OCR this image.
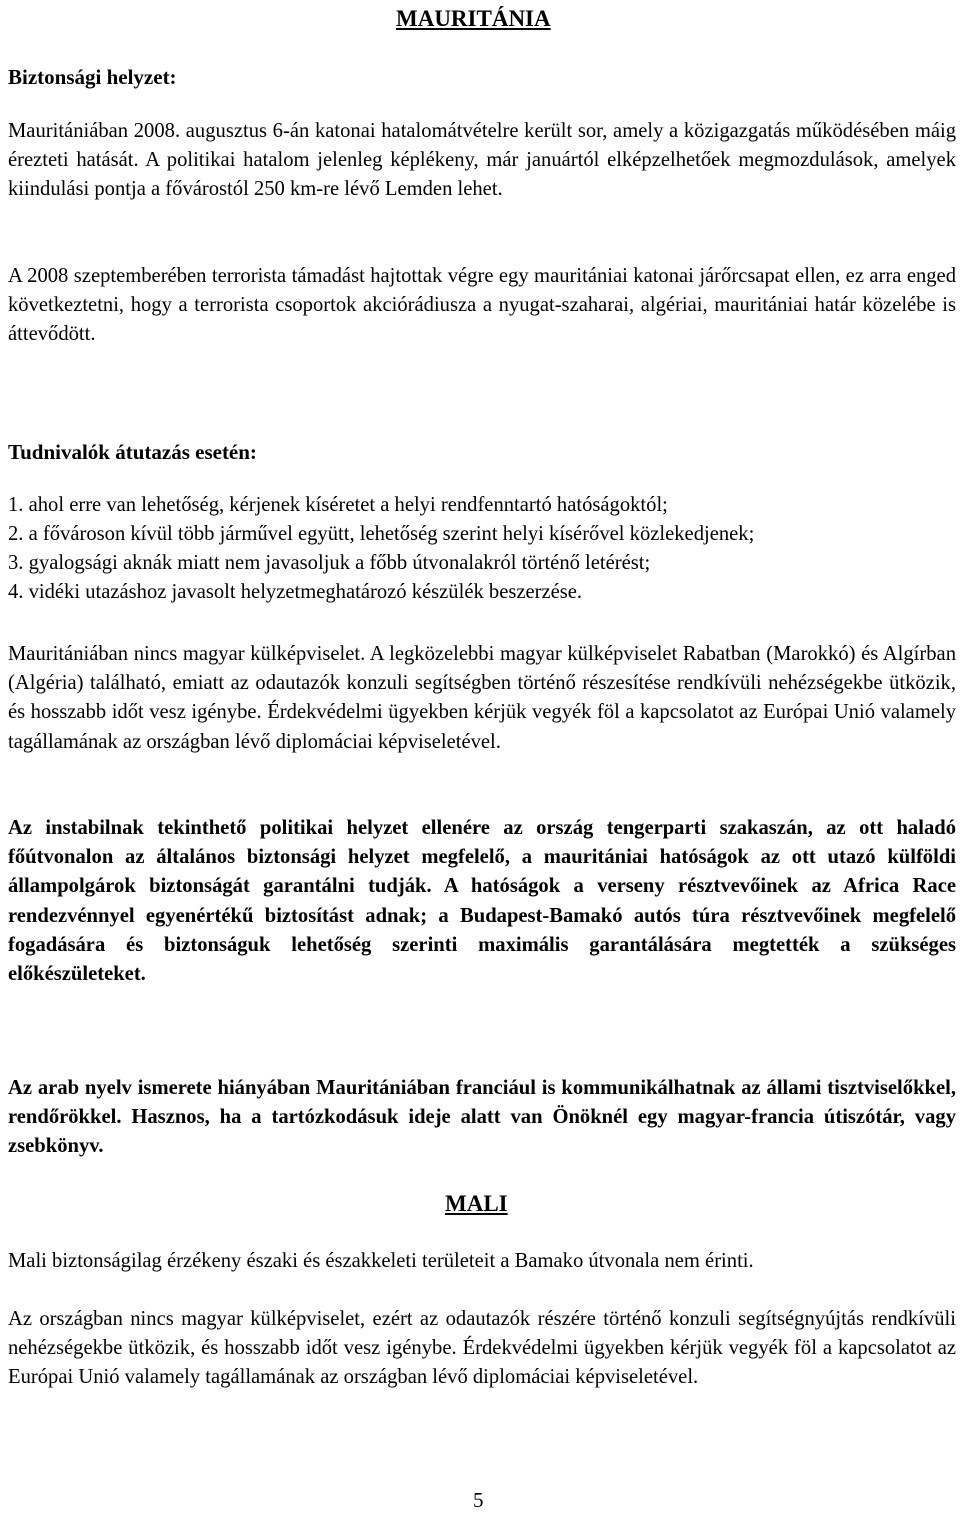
MAURITÁNIA
Biztonsági helyzet:

Mauritániában 2008. augusztus 6-án katonai hatalomátvételre került sor, amely a közigazgatás működésében máig érezteti hatását. A politikai hatalom jelenleg képlékeny, már januártól elképzelhetőek megmozdulások, amelyek kiindulási pontja a fővárostól 250 km-re lévő Lemden lehet.

A 2008 szeptemberében terrorista támadást hajtottak végre egy mauritániai katonai járőrcsapat ellen, ez arra enged következtetni, hogy a terrorista csoportok akciórádiusza a nyugat-szaharai, algériai, mauritániai határ közelébe is áttevődött.

Tudnivalók átutazás esetén:
1. ahol erre van lehetőség, kérjenek kíséretet a helyi rendfenntartó hatóságoktól;
2. a fővároson kívül több járművel együtt, lehetőség szerint helyi kísérővel közlekedjenek;
3. gyalogsági aknák miatt nem javasoljuk a főbb útvonalakról történő letérést;
4. vidéki utazáshoz javasolt helyzetmeghatározó készülék beszerzése.

Mauritániában nincs magyar külképviselet. A legközelebbi magyar külképviselet Rabatban (Marokkó) és Algírban (Algéria) található, emiatt az odautazók konzuli segítségben történő részesítése rendkívüli nehézségekbe ütközik, és hosszabb időt vesz igénybe. Érdekvédelmi ügyekben kérjük vegyék föl a kapcsolatot az Európai Unió valamely tagállamának az országban lévő diplomáciai képviseletével.

Az instabilnak tekinthető politikai helyzet ellenére az ország tengerparti szakaszán, az ott haladó főútvonalon az általános biztonsági helyzet megfelelő, a mauritániai hatóságok az ott utazó külföldi állampolgárok biztonságát garantálni tudják. A hatóságok a verseny résztvevőinek az Africa Race rendezvénnyel egyenértékű biztosítást adnak; a Budapest-Bamakó autós túra résztvevőinek megfelelő fogadására és biztonságuk lehetőség szerinti maximális garantálására megtették a szükséges előkészületeket.

Az arab nyelv ismerete hiányában Mauritániában franciául is kommunikálhatnak az állami tisztviselőkkel, rendőrökkel. Hasznos, ha a tartózkodásuk ideje alatt van Önöknél egy magyar-francia útiszótár, vagy zsebkönyv.

MALI

Mali biztonságilag érzékeny északi és északkeleti területeit a Bamako útvonala nem érinti.

Az országban nincs magyar külképviselet, ezért az odautazók részére történő konzuli segítségnyújtás rendkívüli nehézségekbe ütközik, és hosszabb időt vesz igénybe. Érdekvédelmi ügyekben kérjük vegyék föl a kapcsolatot az Európai Unió valamely tagállamának az országban lévő diplomáciai képviseletével.

5
